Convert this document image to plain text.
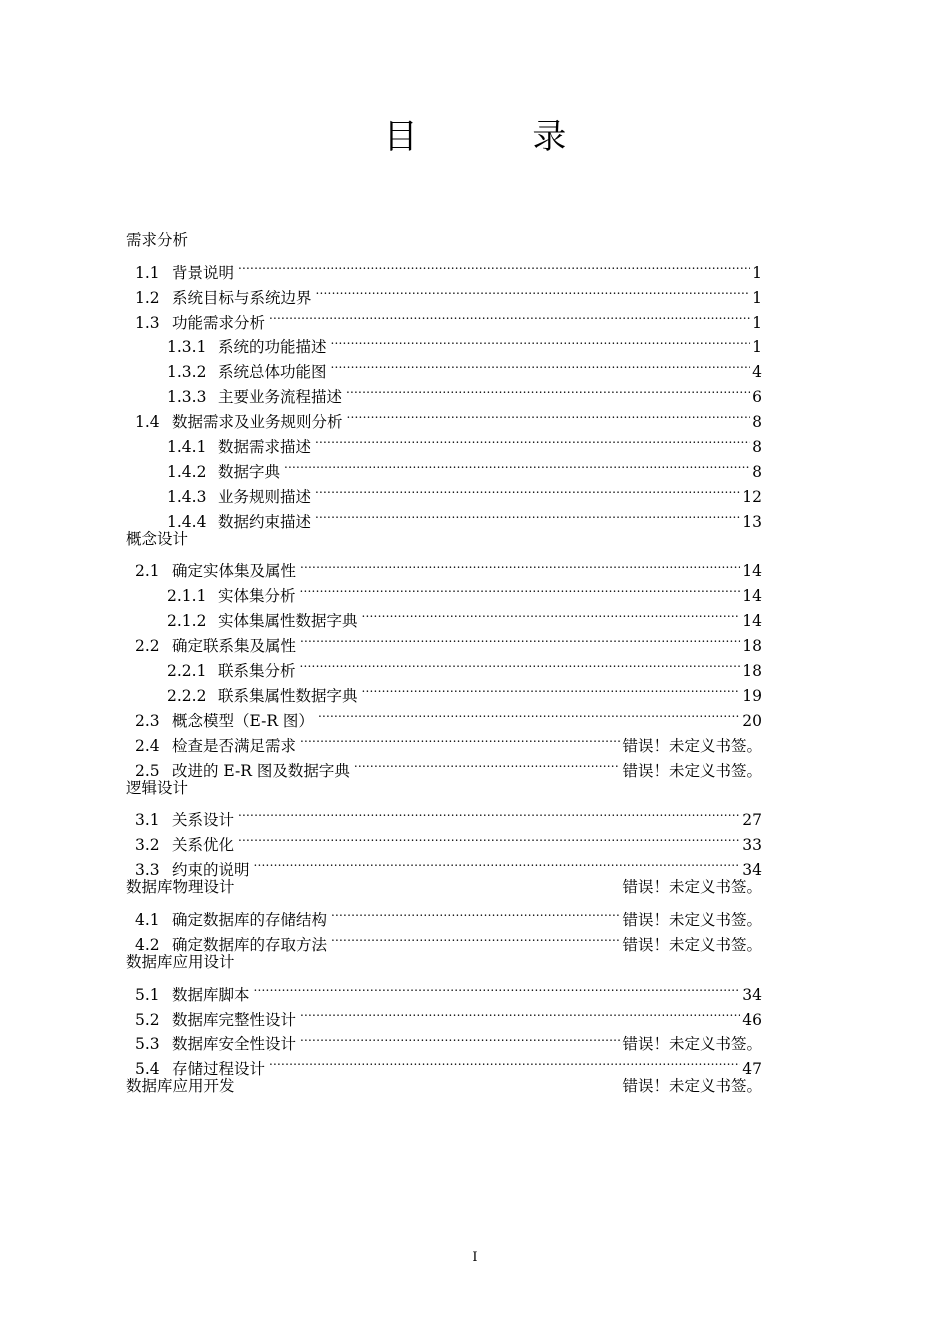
目 录
需求分析
1.1 背景说明 .....	1
1.2 系统目标与系统边界 .....	1
1.3 功能需求分析 .....	1
1.3.1 系统的功能描述 .....	1
1.3.2 系统总体功能图 .....	4
1.3.3 主要业务流程描述 .....	6
1.4 数据需求及业务规则分析 .....	8
1.4.1 数据需求描述 .....	8
1.4.2 数据字典 .....	8
1.4.3 业务规则描述 .....	12
1.4.4 数据约束描述 .....	13
概念设计
2.1 确定实体集及属性 .....	14
2.1.1 实体集分析 .....	14
2.1.2 实体集属性数据字典 .....	14
2.2 确定联系集及属性 .....	18
2.2.1 联系集分析 .....	18
2.2.2 联系集属性数据字典 .....	19
2.3 概念模型（E-R 图） .....	20
2.4 检查是否满足需求 .....	错误！未定义书签。
2.5 改进的 E-R 图及数据字典 .....	错误！未定义书签。
逻辑设计
3.1 关系设计 .....	27
3.2 关系优化 .....	33
3.3 约束的说明 .....	34
数据库物理设计	错误！未定义书签。
4.1 确定数据库的存储结构 .....	错误！未定义书签。
4.2 确定数据库的存取方法 .....	错误！未定义书签。
数据库应用设计
5.1 数据库脚本 .....	34
5.2 数据库完整性设计 .....	46
5.3 数据库安全性设计 .....	错误！未定义书签。
5.4 存储过程设计 .....	47
数据库应用开发	错误！未定义书签。
I
